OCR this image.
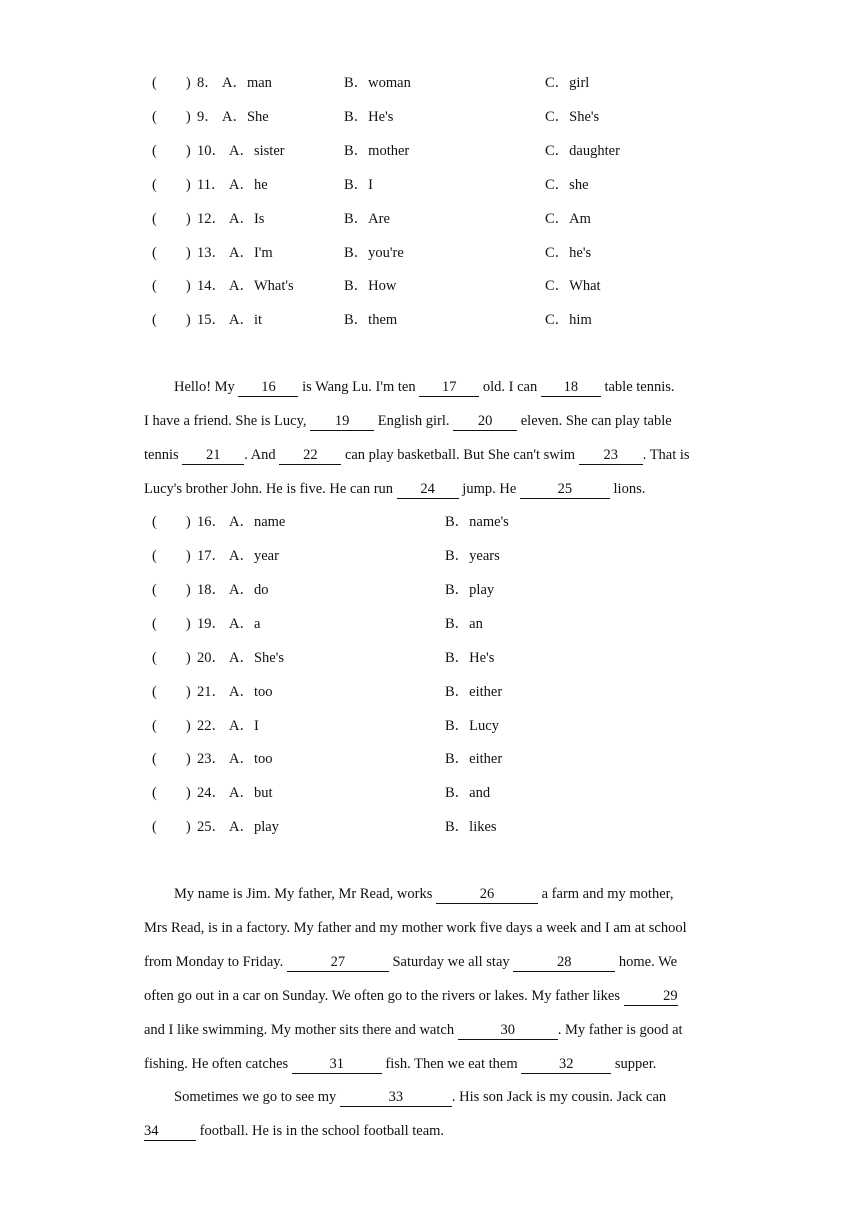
(　　) 8． A．man	B．woman	C．girl
(　　) 9． A．She	B．He's	C．She's
(　　) 10． A．sister	B．mother	C．daughter
(　　) 11． A．he	B．I	C．she
(　　) 12． A．Is	B．Are	C．Am
(　　) 13． A．I'm	B．you're	C．he's
(　　) 14． A．What's	B．How	C．What
(　　) 15． A．it	B．them	C．him
Hello! My 16 is Wang Lu. I'm ten 17 old. I can 18 table tennis.
I have a friend. She is Lucy, 19 English girl. 20 eleven. She can play table
tennis 21 . And 22 can play basketball. But She can't swim 23 . That is
Lucy's brother John. He is five. He can run 24 jump. He	25	lions.
(　　) 16． A．name	B．name's
(　　) 17． A．year	B．years
(　　) 18． A．do	B．play
(　　) 19． A．a	B．an
(　　) 20． A．She's	B．He's
(　　) 21． A．too	B．either
(　　) 22． A．I	B．Lucy
(　　) 23． A．too	B．either
(　　) 24． A．but	B．and
(　　) 25． A．play	B．likes
My name is Jim. My father, Mr Read, works	26	a farm and my mother,
Mrs Read, is in a factory. My father and my mother work five days a week and I am at school
from Monday to Friday.	27	Saturday we all stay	28	home. We
often go out in a car on Sunday. We often go to the rivers or lakes. My father likes	29
and I like swimming. My mother sits there and watch	30	. My father is good at
fishing. He often catches	31	fish. Then we eat them	32	supper.
Sometimes we go to see my	33	. His son Jack is my cousin. Jack can
34	football. He is in the school football team.
